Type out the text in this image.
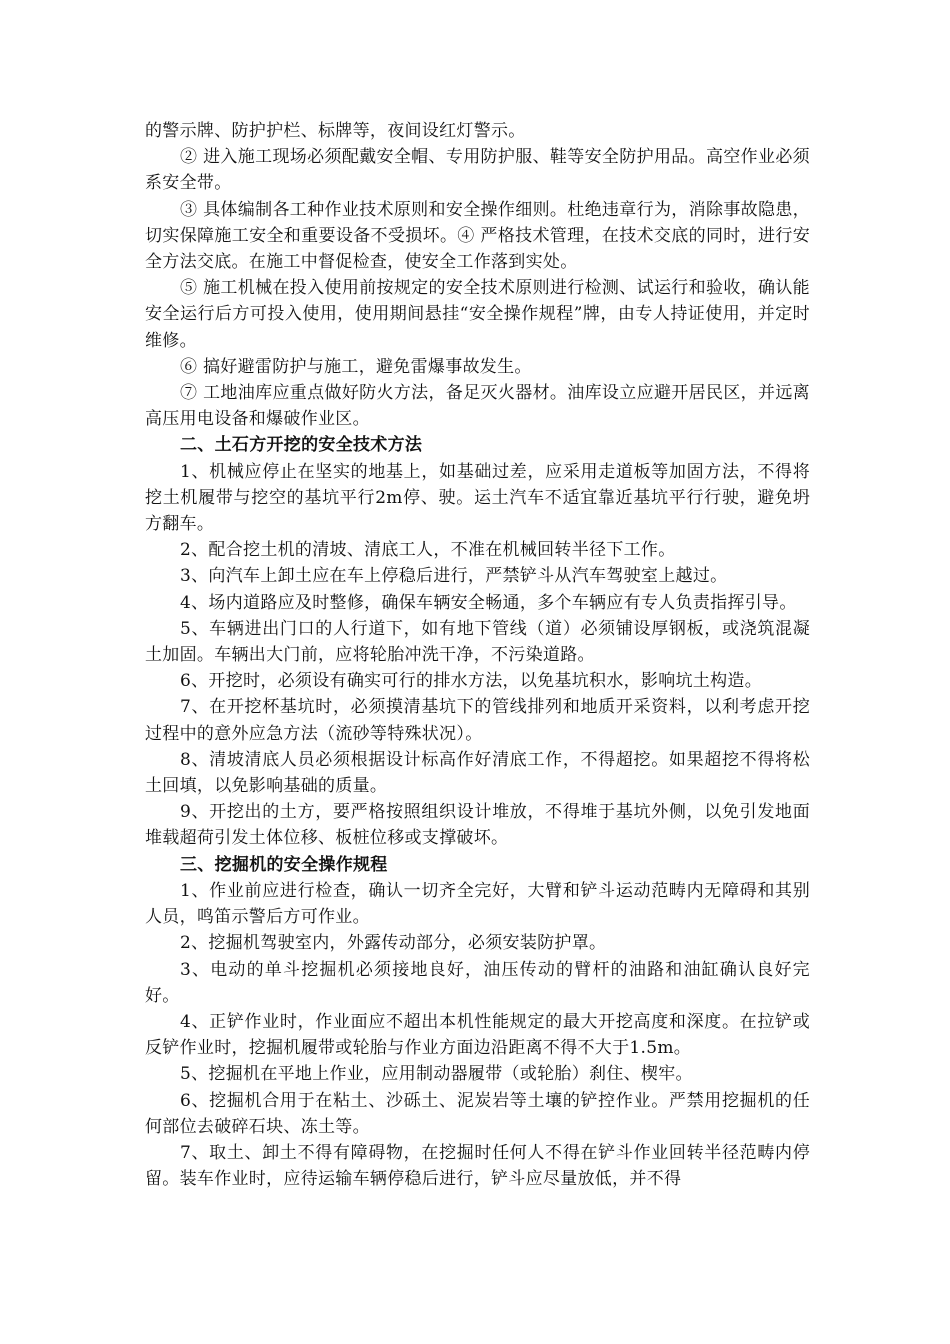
的警示牌、防护护栏、标牌等，夜间设红灯警示。

② 进入施工现场必须配戴安全帽、专用防护服、鞋等安全防护用品。高空作业必须系安全带。

③ 具体编制各工种作业技术原则和安全操作细则。杜绝违章行为，消除事故隐患，切实保障施工安全和重要设备不受损坏。④ 严格技术管理，在技术交底的同时，进行安全方法交底。在施工中督促检查，使安全工作落到实处。

⑤ 施工机械在投入使用前按规定的安全技术原则进行检测、试运行和验收，确认能安全运行后方可投入使用，使用期间悬挂“安全操作规程”牌，由专人持证使用，并定时维修。

⑥ 搞好避雷防护与施工，避免雷爆事故发生。

⑦ 工地油库应重点做好防火方法，备足灭火器材。油库设立应避开居民区，并远离高压用电设备和爆破作业区。

二、土石方开挖的安全技术方法

1、机械应停止在坚实的地基上，如基础过差，应采用走道板等加固方法，不得将挖土机履带与挖空的基坑平行2m停、驶。运土汽车不适宜靠近基坑平行行驶，避免坍方翻车。

2、配合挖土机的清坡、清底工人，不准在机械回转半径下工作。

3、向汽车上卸土应在车上停稳后进行，严禁铲斗从汽车驾驶室上越过。

4、场内道路应及时整修，确保车辆安全畅通，多个车辆应有专人负责指挥引导。

5、车辆进出门口的人行道下，如有地下管线（道）必须铺设厚钢板，或浇筑混凝土加固。车辆出大门前，应将轮胎冲洗干净，不污染道路。

6、开挖时，必须设有确实可行的排水方法，以免基坑积水，影响坑土构造。

7、在开挖杯基坑时，必须摸清基坑下的管线排列和地质开采资料，以利考虑开挖过程中的意外应急方法（流砂等特殊状况）。

8、清坡清底人员必须根据设计标高作好清底工作，不得超挖。如果超挖不得将松土回填，以免影响基础的质量。

9、开挖出的土方，要严格按照组织设计堆放，不得堆于基坑外侧，以免引发地面堆载超荷引发土体位移、板桩位移或支撑破坏。

三、挖掘机的安全操作规程

1、作业前应进行检查，确认一切齐全完好，大臂和铲斗运动范畴内无障碍和其别人员，鸣笛示警后方可作业。

2、挖掘机驾驶室内，外露传动部分，必须安装防护罩。

3、电动的单斗挖掘机必须接地良好，油压传动的臂杆的油路和油缸确认良好完好。

4、正铲作业时，作业面应不超出本机性能规定的最大开挖高度和深度。在拉铲或反铲作业时，挖掘机履带或轮胎与作业方面边沿距离不得不大于1.5m。

5、挖掘机在平地上作业，应用制动器履带（或轮胎）刹住、楔牢。

6、挖掘机合用于在粘土、沙砾土、泥炭岩等土壤的铲控作业。严禁用挖掘机的任何部位去破碎石块、冻土等。

7、取土、卸土不得有障碍物，在挖掘时任何人不得在铲斗作业回转半径范畴内停留。装车作业时，应待运输车辆停稳后进行，铲斗应尽量放低，并不得
